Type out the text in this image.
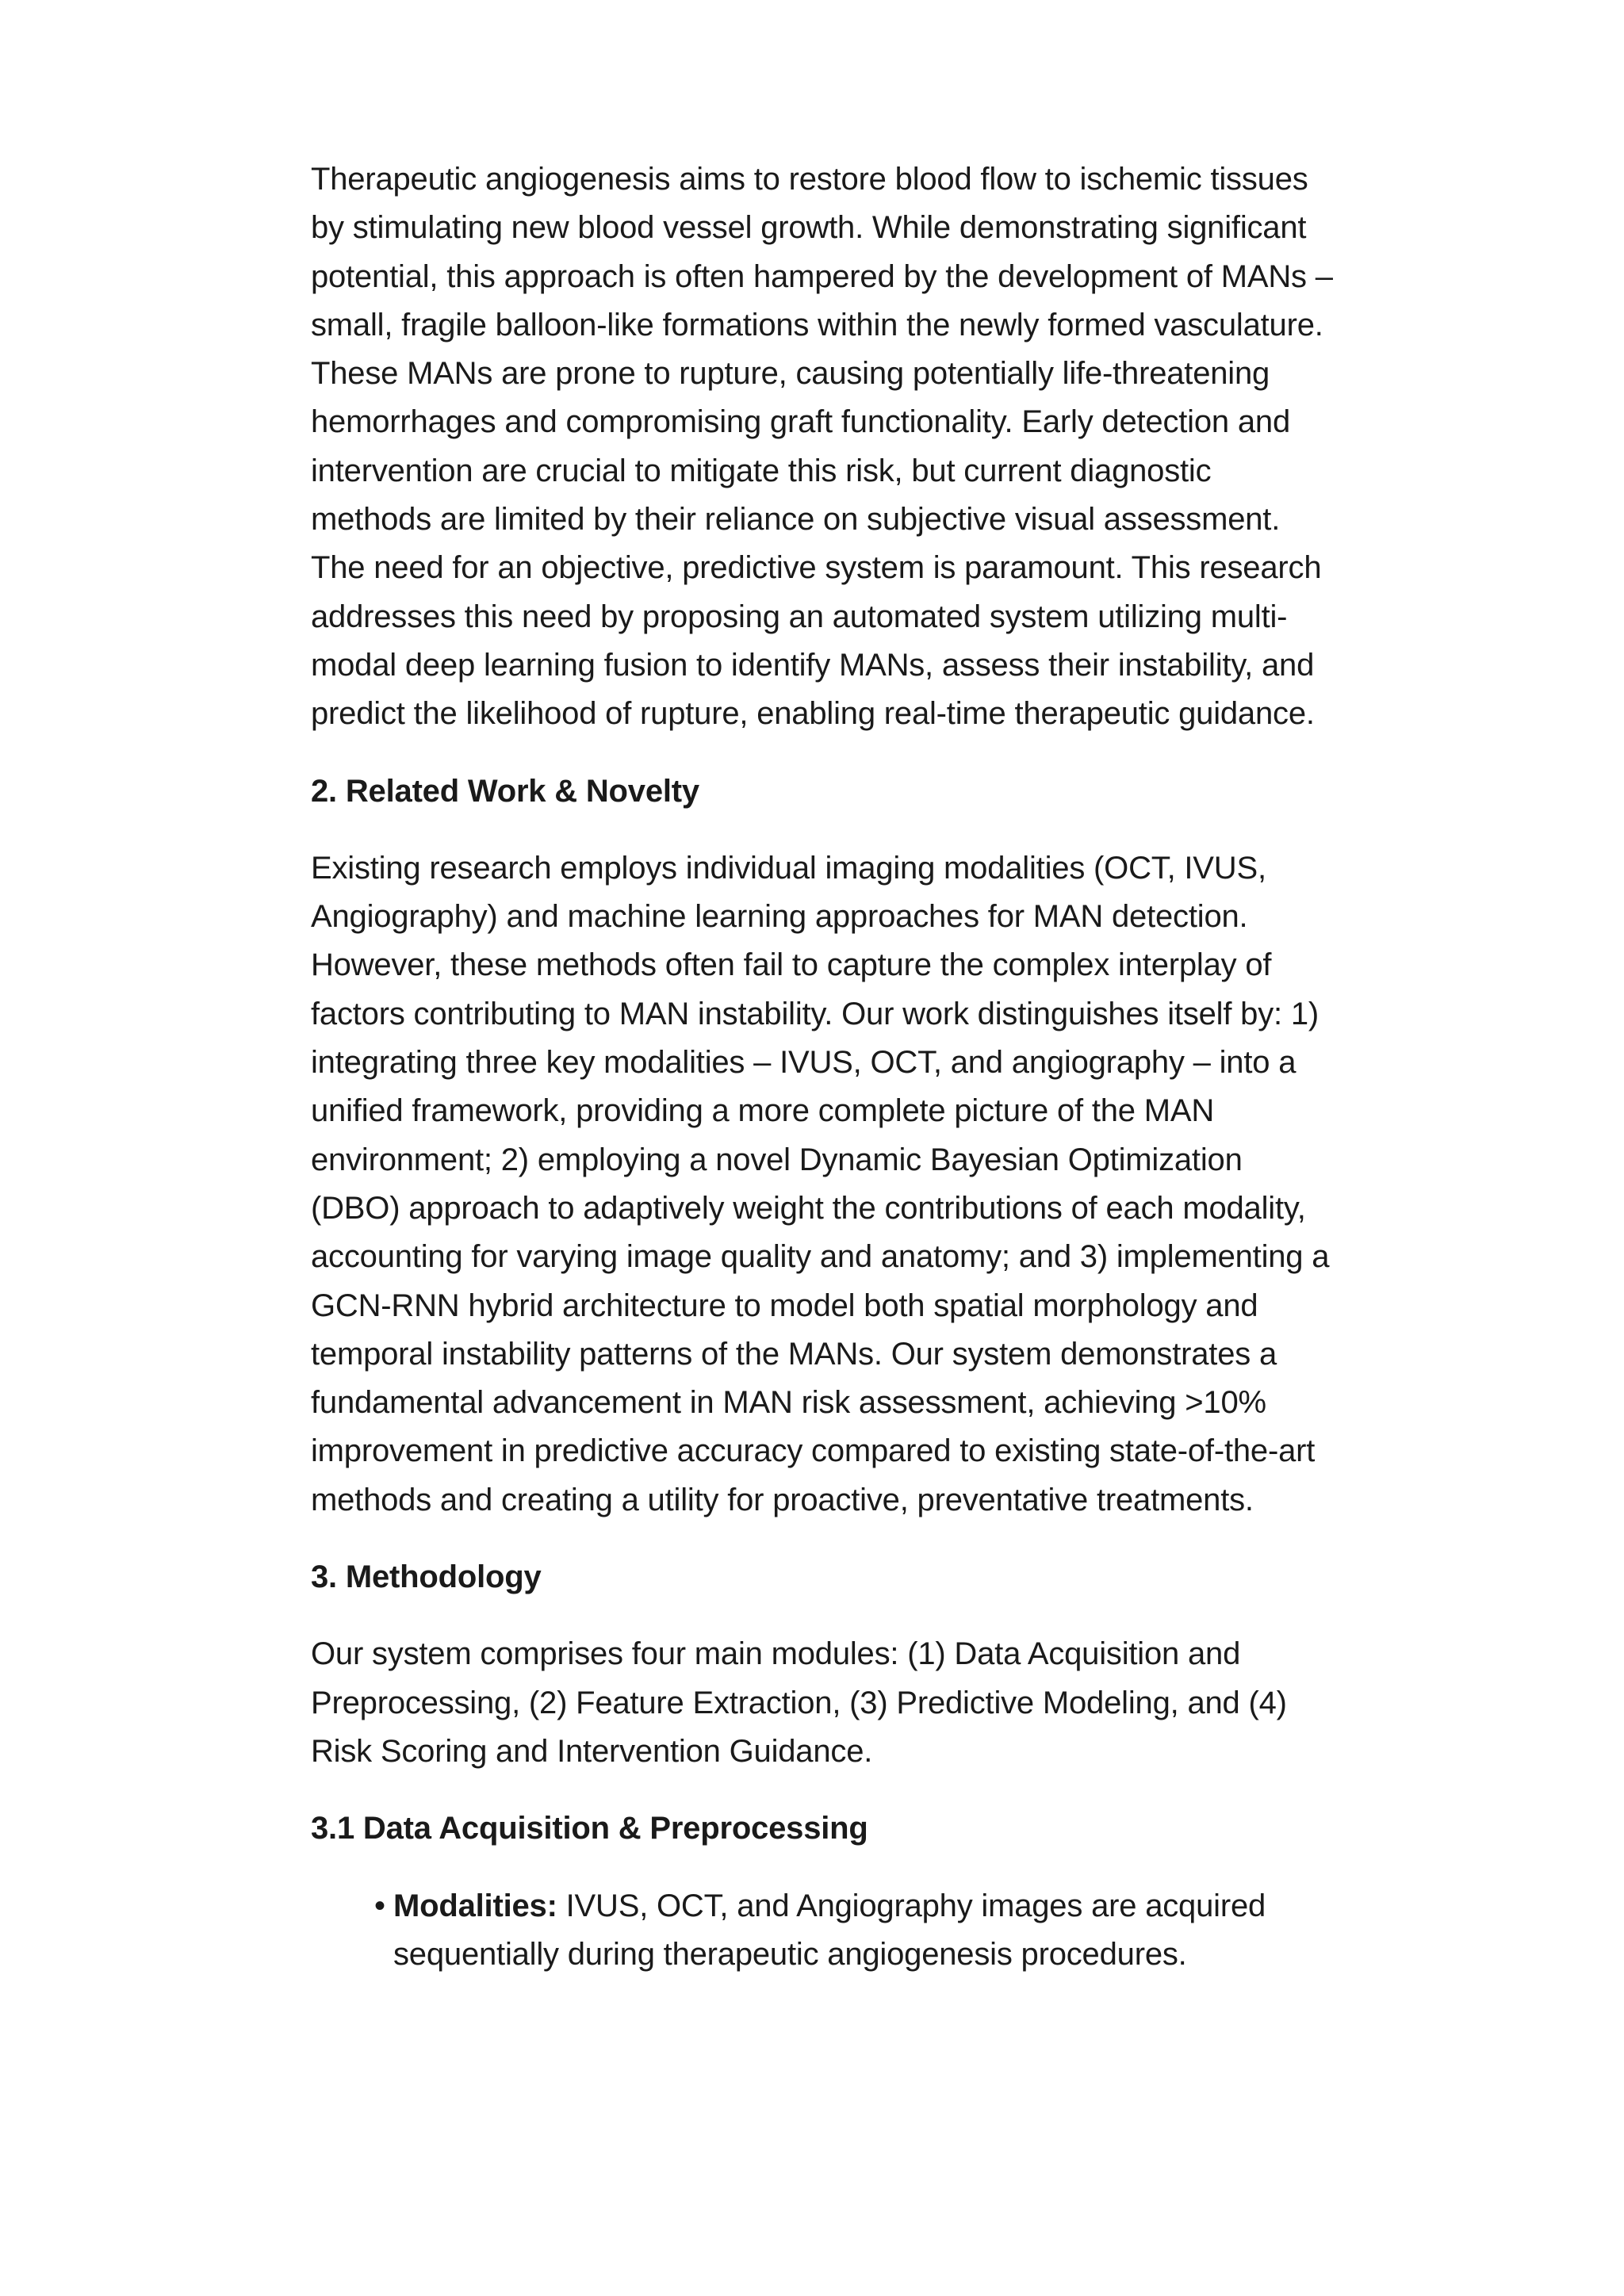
Therapeutic angiogenesis aims to restore blood flow to ischemic tissues by stimulating new blood vessel growth. While demonstrating significant potential, this approach is often hampered by the development of MANs – small, fragile balloon-like formations within the newly formed vasculature. These MANs are prone to rupture, causing potentially life-threatening hemorrhages and compromising graft functionality. Early detection and intervention are crucial to mitigate this risk, but current diagnostic methods are limited by their reliance on subjective visual assessment. The need for an objective, predictive system is paramount. This research addresses this need by proposing an automated system utilizing multi-modal deep learning fusion to identify MANs, assess their instability, and predict the likelihood of rupture, enabling real-time therapeutic guidance.

2. Related Work & Novelty

Existing research employs individual imaging modalities (OCT, IVUS, Angiography) and machine learning approaches for MAN detection. However, these methods often fail to capture the complex interplay of factors contributing to MAN instability. Our work distinguishes itself by: 1) integrating three key modalities – IVUS, OCT, and angiography – into a unified framework, providing a more complete picture of the MAN environment; 2) employing a novel Dynamic Bayesian Optimization (DBO) approach to adaptively weight the contributions of each modality, accounting for varying image quality and anatomy; and 3) implementing a GCN-RNN hybrid architecture to model both spatial morphology and temporal instability patterns of the MANs. Our system demonstrates a fundamental advancement in MAN risk assessment, achieving >10% improvement in predictive accuracy compared to existing state-of-the-art methods and creating a utility for proactive, preventative treatments.

3. Methodology

Our system comprises four main modules: (1) Data Acquisition and Preprocessing, (2) Feature Extraction, (3) Predictive Modeling, and (4) Risk Scoring and Intervention Guidance.

3.1 Data Acquisition & Preprocessing
• Modalities: IVUS, OCT, and Angiography images are acquired sequentially during therapeutic angiogenesis procedures.
